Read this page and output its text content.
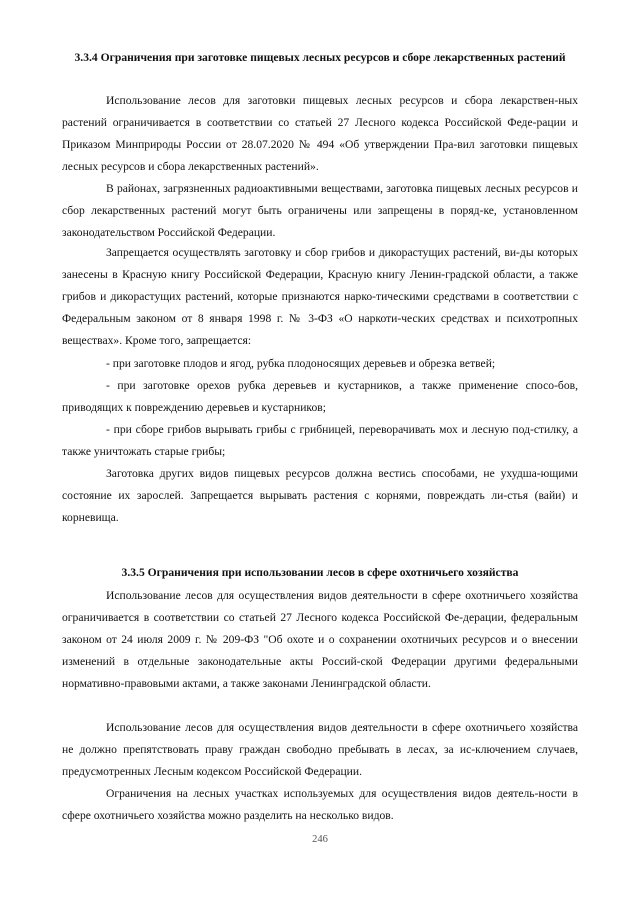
3.3.4 Ограничения при заготовке пищевых лесных ресурсов и сборе лекарственных растений

Использование лесов для заготовки пищевых лесных ресурсов и сбора лекарствен-ных растений ограничивается в соответствии со статьей 27 Лесного кодекса Российской Феде-рации и Приказом Минприроды России от 28.07.2020 № 494 «Об утверждении Пра-вил заготовки пищевых лесных ресурсов и сбора лекарственных растений».

В районах, загрязненных радиоактивными веществами, заготовка пищевых лесных ресурсов и сбор лекарственных растений могут быть ограничены или запрещены в поряд-ке, установленном законодательством Российской Федерации.

Запрещается осуществлять заготовку и сбор грибов и дикорастущих растений, ви-ды которых занесены в Красную книгу Российской Федерации, Красную книгу Ленин-градской области, а также грибов и дикорастущих растений, которые признаются нарко-тическими средствами в соответствии с Федеральным законом от 8 января 1998 г. № 3-ФЗ «О наркоти-ческих средствах и психотропных веществах». Кроме того, запрещается:

- при заготовке плодов и ягод, рубка плодоносящих деревьев и обрезка ветвей;

- при заготовке орехов рубка деревьев и кустарников, а также применение спосо-бов, приводящих к повреждению деревьев и кустарников;

- при сборе грибов вырывать грибы с грибницей, переворачивать мох и лесную под-стилку, а также уничтожать старые грибы;

Заготовка других видов пищевых ресурсов должна вестись способами, не ухудша-ющими состояние их зарослей. Запрещается вырывать растения с корнями, повреждать ли-стья (вайи) и корневища.

3.3.5 Ограничения при использовании лесов в сфере охотничьего хозяйства

Использование лесов для осуществления видов деятельности в сфере охотничьего хозяйства ограничивается в соответствии со статьей 27 Лесного кодекса Российской Фе-дерации, федеральным законом от 24 июля 2009 г. № 209-ФЗ "Об охоте и о сохранении охотничьих ресурсов и о внесении изменений в отдельные законодательные акты Россий-ской Федерации другими федеральными нормативно-правовыми актами, а также законами Ленинградской области.

Использование лесов для осуществления видов деятельности в сфере охотничьего хозяйства не должно препятствовать праву граждан свободно пребывать в лесах, за ис-ключением случаев, предусмотренных Лесным кодексом Российской Федерации.

Ограничения на лесных участках используемых для осуществления видов деятель-ности в сфере охотничьего хозяйства можно разделить на несколько видов.

246
